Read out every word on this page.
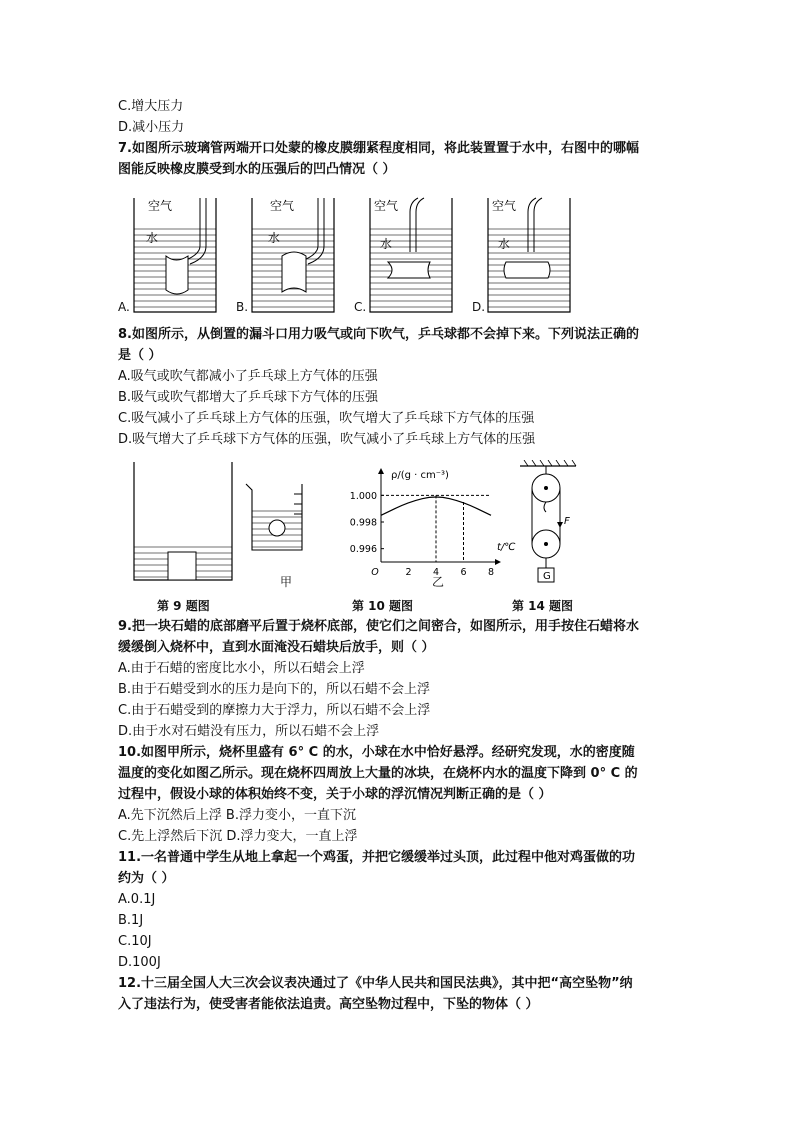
C.增大压力
D.减小压力
7.如图所示玻璃管两端开口处蒙的橡皮膜绷紧程度相同，将此装置置于水中，右图中的哪幅
图能反映橡皮膜受到水的压强后的凹凸情况（ ）
空气
水
空气
水
空气
水
空气
水
A.	B.	C.	D.
8.如图所示，从倒置的漏斗口用力吸气或向下吹气，乒乓球都不会掉下来。下列说法正确的
是（ ）
A.吸气或吹气都减小了乒乓球上方气体的压强
B.吸气或吹气都增大了乒乓球下方气体的压强
C.吸气减小了乒乓球上方气体的压强，吹气增大了乒乓球下方气体的压强
D.吸气增大了乒乓球下方气体的压强，吹气减小了乒乓球上方气体的压强
甲
ρ/(g · cm⁻³)
t/℃
1.000
0.998
0.996
O	2 4 6 8
乙
F
G
第 9 题图	第 10 题图	第 14 题图
9.把一块石蜡的底部磨平后置于烧杯底部，使它们之间密合，如图所示，用手按住石蜡将水
缓缓倒入烧杯中，直到水面淹没石蜡块后放手，则（ ）
A.由于石蜡的密度比水小，所以石蜡会上浮
B.由于石蜡受到水的压力是向下的，所以石蜡不会上浮
C.由于石蜡受到的摩擦力大于浮力，所以石蜡不会上浮
D.由于水对石蜡没有压力，所以石蜡不会上浮
10.如图甲所示，烧杯里盛有 6° C 的水，小球在水中恰好悬浮。经研究发现，水的密度随
温度的变化如图乙所示。现在烧杯四周放上大量的冰块，在烧杯内水的温度下降到 0° C 的
过程中，假设小球的体积始终不变，关于小球的浮沉情况判断正确的是（ ）
A.先下沉然后上浮 B.浮力变小，一直下沉
C.先上浮然后下沉 D.浮力变大，一直上浮
11.一名普通中学生从地上拿起一个鸡蛋，并把它缓缓举过头顶，此过程中他对鸡蛋做的功
约为（ ）
A.0.1J
B.1J
C.10J
D.100J
12.十三届全国人大三次会议表决通过了《中华人民共和国民法典》，其中把“高空坠物”纳
入了违法行为，使受害者能依法追责。高空坠物过程中，下坠的物体（ ）
